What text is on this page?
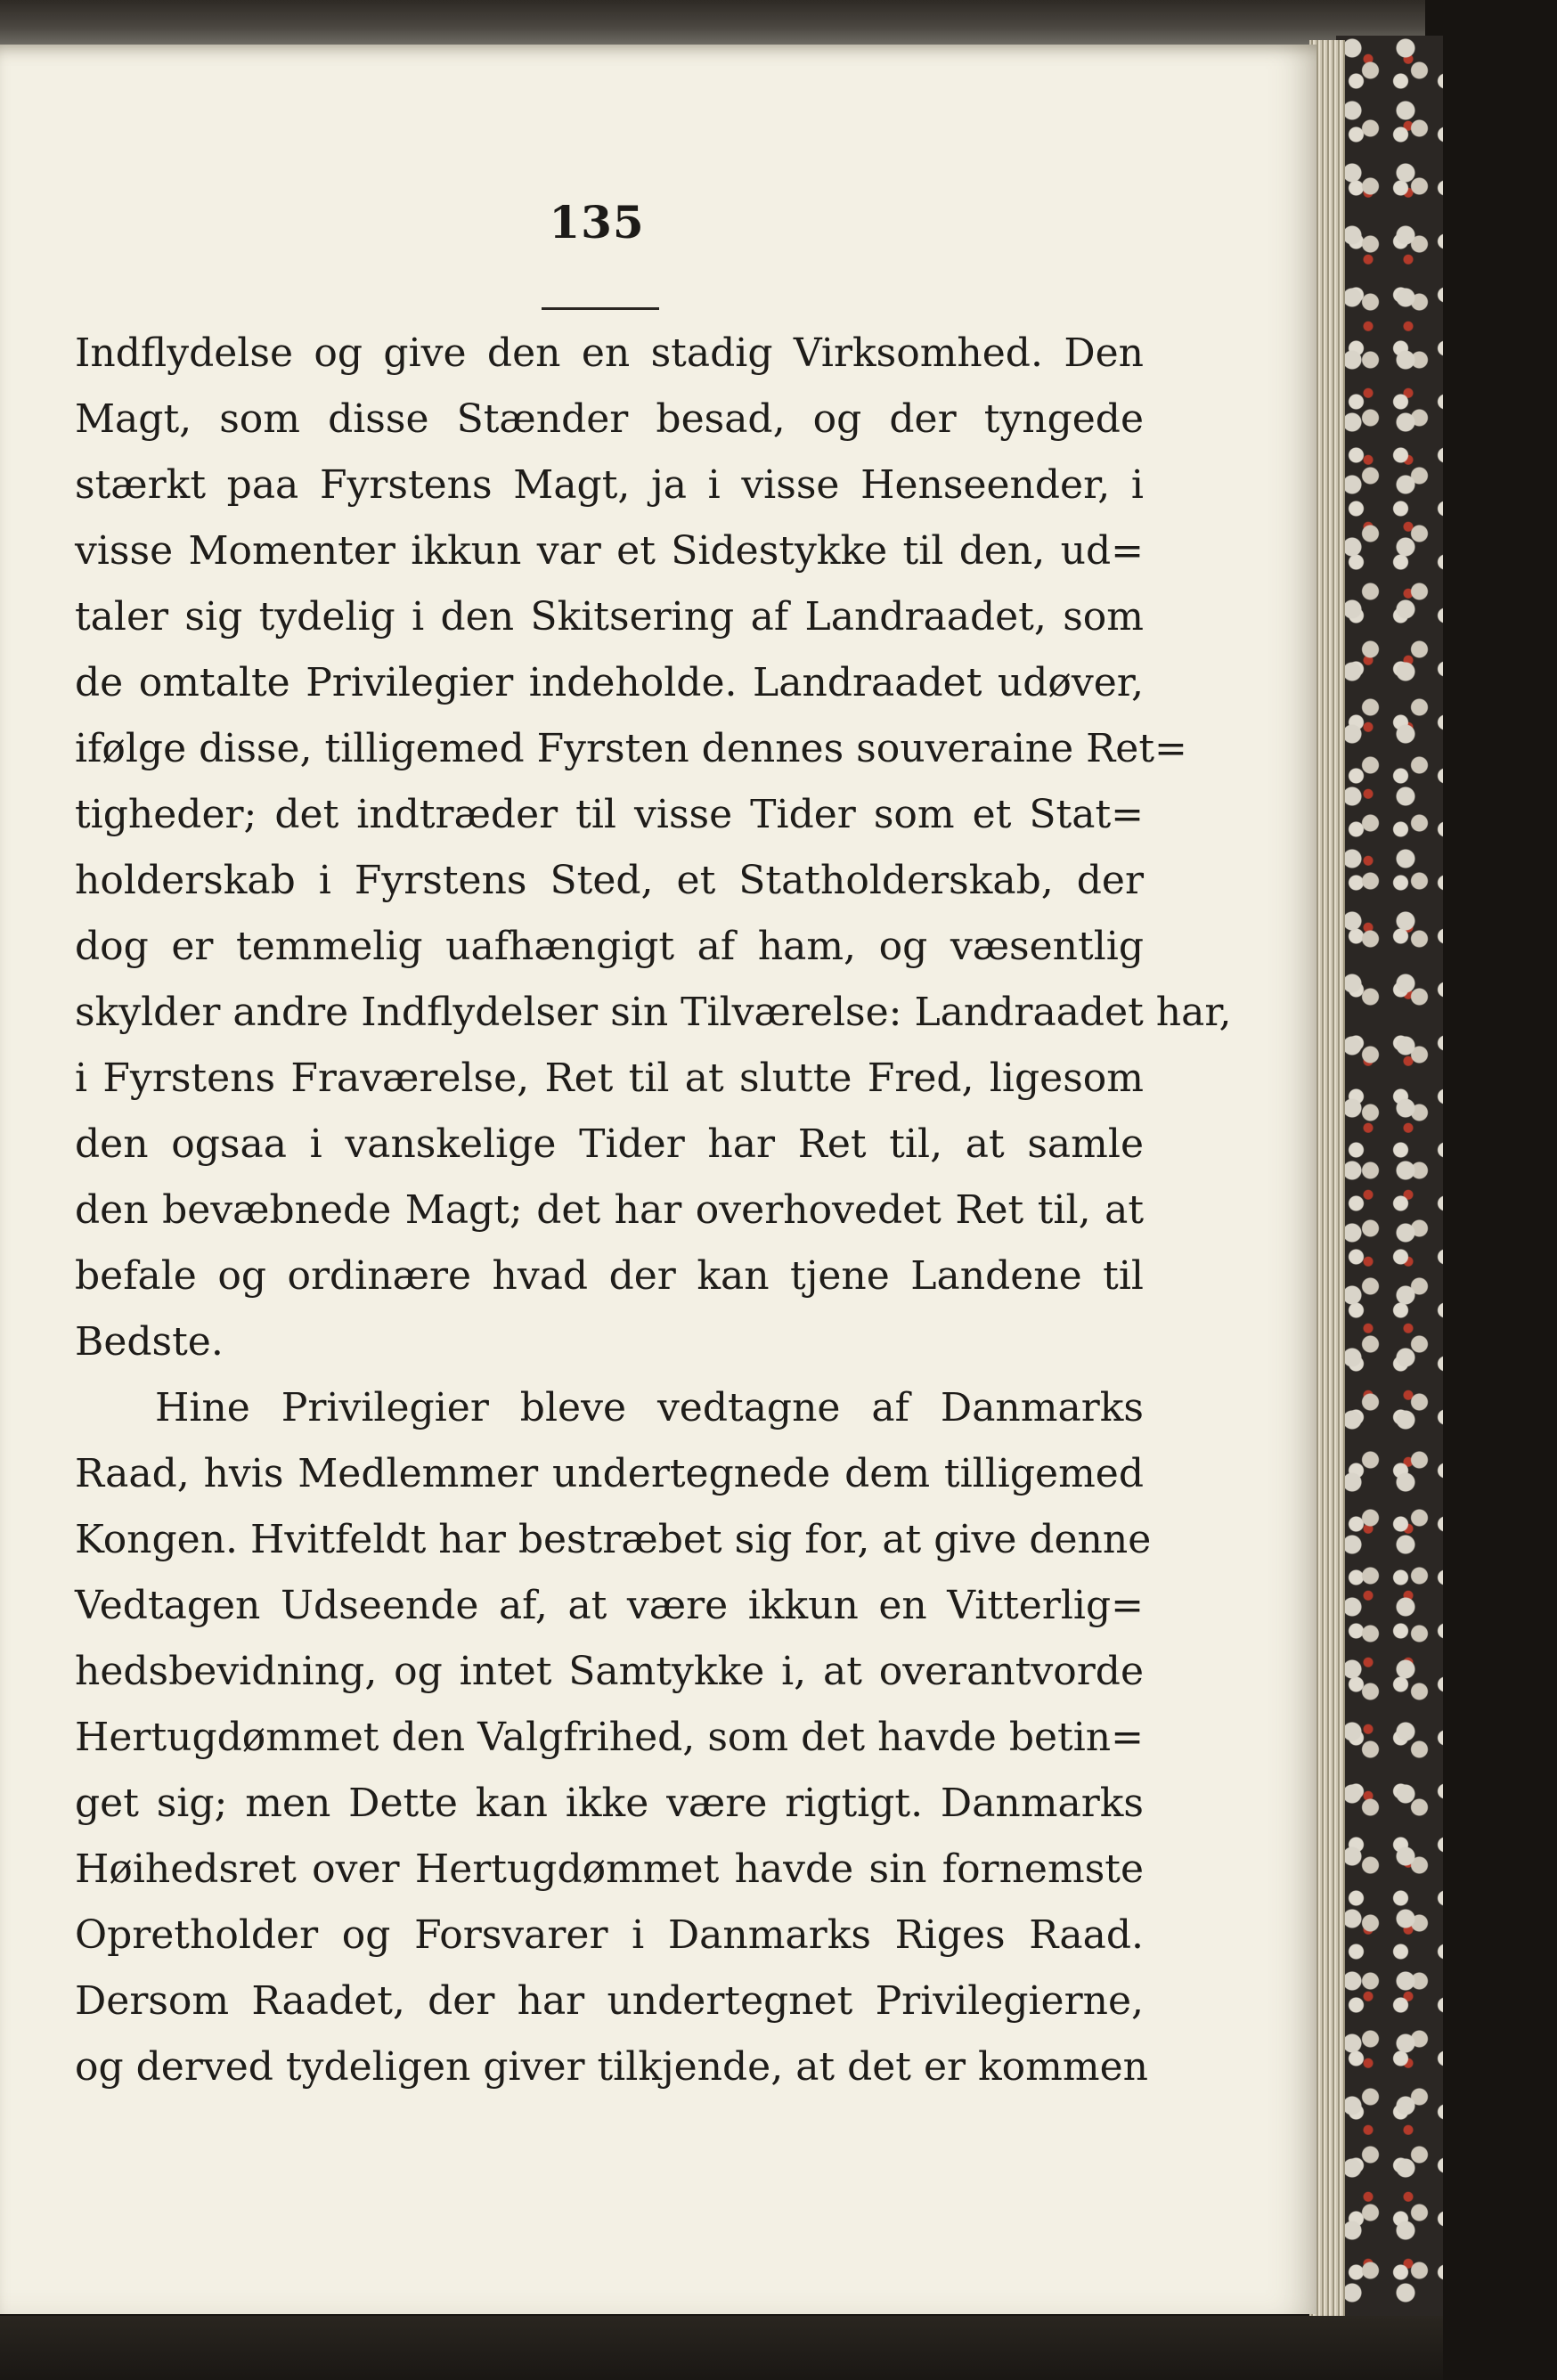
135
Indflydelse og give den en stadig Virksomhed. Den
Magt, som disse Stænder besad, og der tyngede
stærkt paa Fyrstens Magt, ja i visse Henseender, i
visse Momenter ikkun var et Sidestykke til den, ud=
taler sig tydelig i den Skitsering af Landraadet, som
de omtalte Privilegier indeholde. Landraadet udøver,
ifølge disse, tilligemed Fyrsten dennes souveraine Ret=
tigheder; det indtræder til visse Tider som et Stat=
holderskab i Fyrstens Sted, et Statholderskab, der
dog er temmelig uafhængigt af ham, og væsentlig
skylder andre Indflydelser sin Tilværelse: Landraadet har,
i Fyrstens Fraværelse, Ret til at slutte Fred, ligesom
den ogsaa i vanskelige Tider har Ret til, at samle
den bevæbnede Magt; det har overhovedet Ret til, at
befale og ordinære hvad der kan tjene Landene til
Bedste.
Hine Privilegier bleve vedtagne af Danmarks
Raad, hvis Medlemmer undertegnede dem tilligemed
Kongen. Hvitfeldt har bestræbet sig for, at give denne
Vedtagen Udseende af, at være ikkun en Vitterlig=
hedsbevidning, og intet Samtykke i, at overantvorde
Hertugdømmet den Valgfrihed, som det havde betin=
get sig; men Dette kan ikke være rigtigt. Danmarks
Høihedsret over Hertugdømmet havde sin fornemste
Opretholder og Forsvarer i Danmarks Riges Raad.
Dersom Raadet, der har undertegnet Privilegierne,
og derved tydeligen giver tilkjende, at det er kommen
